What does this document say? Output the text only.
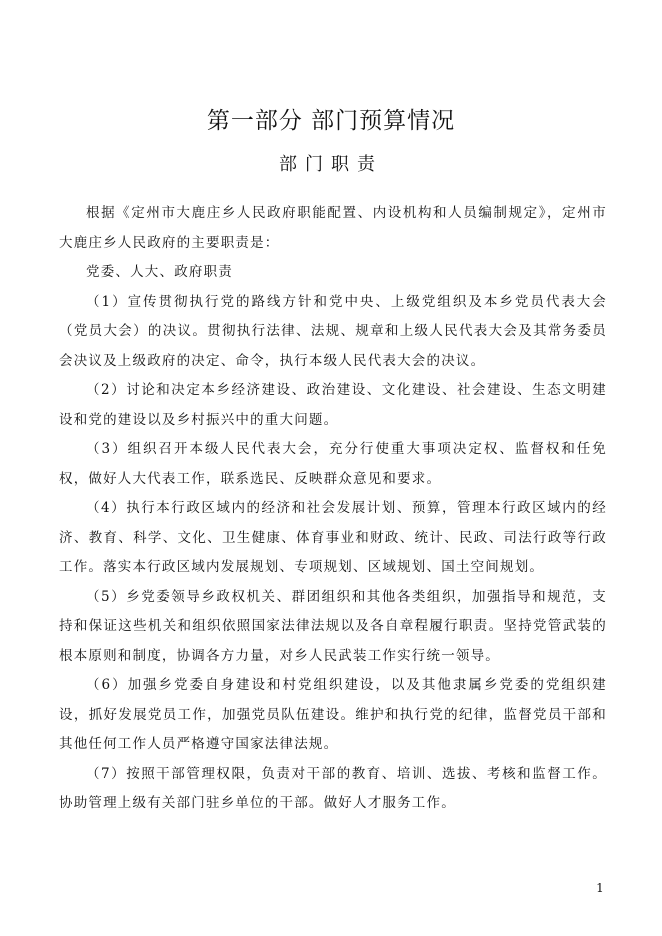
第一部分 部门预算情况
部门职责

根据《定州市大鹿庄乡人民政府职能配置、内设机构和人员编制规定》，定州市大鹿庄乡人民政府的主要职责是：

党委、人大、政府职责

（1）宣传贯彻执行党的路线方针和党中央、上级党组织及本乡党员代表大会（党员大会）的决议。贯彻执行法律、法规、规章和上级人民代表大会及其常务委员会决议及上级政府的决定、命令，执行本级人民代表大会的决议。

（2）讨论和决定本乡经济建设、政治建设、文化建设、社会建设、生态文明建设和党的建设以及乡村振兴中的重大问题。

（3）组织召开本级人民代表大会，充分行使重大事项决定权、监督权和任免权，做好人大代表工作，联系选民、反映群众意见和要求。

（4）执行本行政区域内的经济和社会发展计划、预算，管理本行政区域内的经济、教育、科学、文化、卫生健康、体育事业和财政、统计、民政、司法行政等行政工作。落实本行政区域内发展规划、专项规划、区域规划、国土空间规划。

（5）乡党委领导乡政权机关、群团组织和其他各类组织，加强指导和规范，支持和保证这些机关和组织依照国家法律法规以及各自章程履行职责。坚持党管武装的根本原则和制度，协调各方力量，对乡人民武装工作实行统一领导。

（6）加强乡党委自身建设和村党组织建设，以及其他隶属乡党委的党组织建设，抓好发展党员工作，加强党员队伍建设。维护和执行党的纪律，监督党员干部和其他任何工作人员严格遵守国家法律法规。

（7）按照干部管理权限，负责对干部的教育、培训、选拔、考核和监督工作。协助管理上级有关部门驻乡单位的干部。做好人才服务工作。

1
